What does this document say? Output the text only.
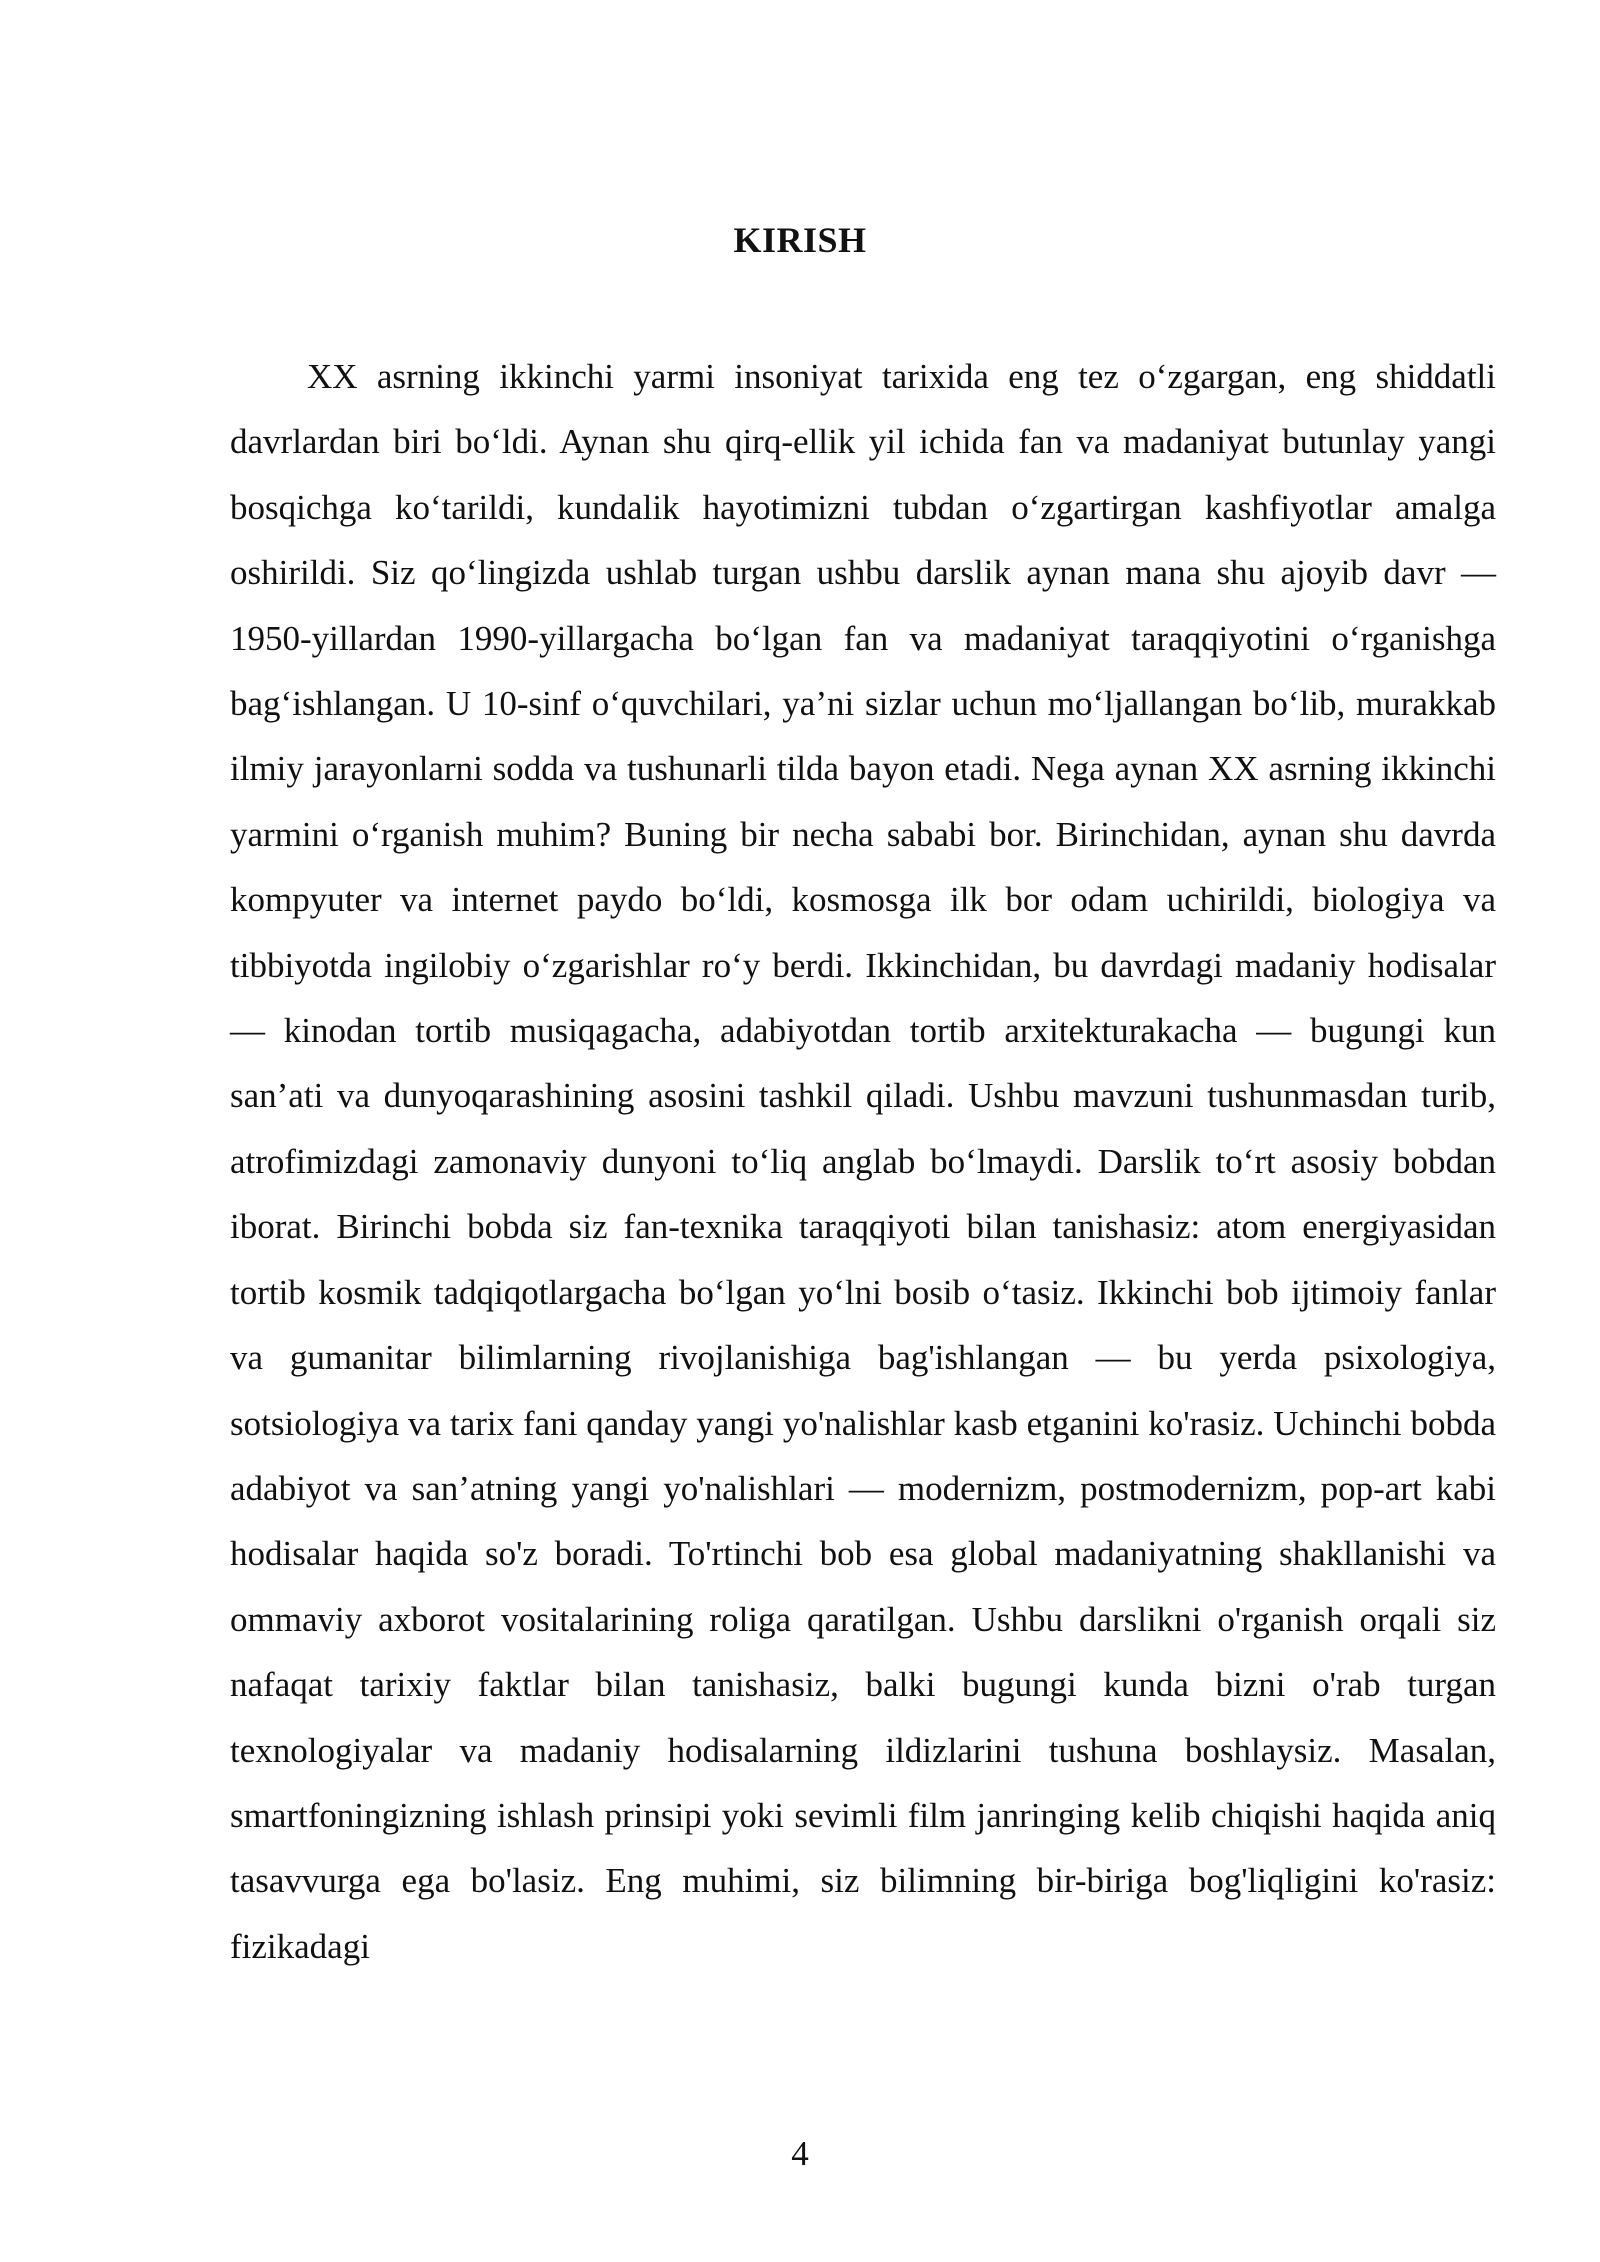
KIRISH

XX asrning ikkinchi yarmi insoniyat tarixida eng tez o‘zgargan, eng shiddatli davrlardan biri bo‘ldi. Aynan shu qirq-ellik yil ichida fan va madaniyat butunlay yangi bosqichga ko‘tarildi, kundalik hayotimizni tubdan o‘zgartirgan kashfiyotlar amalga oshirildi. Siz qo‘lingizda ushlab turgan ushbu darslik aynan mana shu ajoyib davr — 1950-yillardan 1990-yillargacha bo‘lgan fan va madaniyat taraqqiyotini o‘rganishga bag‘ishlangan. U 10-sinf o‘quvchilari, ya’ni sizlar uchun mo‘ljallangan bo‘lib, murakkab ilmiy jarayonlarni sodda va tushunarli tilda bayon etadi. Nega aynan XX asrning ikkinchi yarmini o‘rganish muhim? Buning bir necha sababi bor. Birinchidan, aynan shu davrda kompyuter va internet paydo bo‘ldi, kosmosga ilk bor odam uchirildi, biologiya va tibbiyotda ingilobiy o‘zgarishlar ro‘y berdi. Ikkinchidan, bu davrdagi madaniy hodisalar — kinodan tortib musiqagacha, adabiyotdan tortib arxitekturakacha — bugungi kun san’ati va dunyoqarashining asosini tashkil qiladi. Ushbu mavzuni tushunmasdan turib, atrofimizdagi zamonaviy dunyoni to‘liq anglab bo‘lmaydi. Darslik to‘rt asosiy bobdan iborat. Birinchi bobda siz fan-texnika taraqqiyoti bilan tanishasiz: atom energiyasidan tortib kosmik tadqiqotlargacha bo‘lgan yo‘lni bosib o‘tasiz. Ikkinchi bob ijtimoiy fanlar va gumanitar bilimlarning rivojlanishiga bag'ishlangan — bu yerda psixologiya, sotsiologiya va tarix fani qanday yangi yo'nalishlar kasb etganini ko'rasiz. Uchinchi bobda adabiyot va san’atning yangi yo'nalishlari — modernizm, postmodernizm, pop-art kabi hodisalar haqida so'z boradi. To'rtinchi bob esa global madaniyatning shakllanishi va ommaviy axborot vositalarining roliga qaratilgan. Ushbu darslikni o'rganish orqali siz nafaqat tarixiy faktlar bilan tanishasiz, balki bugungi kunda bizni o'rab turgan texnologiyalar va madaniy hodisalarning ildizlarini tushuna boshlaysiz. Masalan, smartfoningizning ishlash prinsipi yoki sevimli film janringing kelib chiqishi haqida aniq tasavvurga ega bo'lasiz. Eng muhimi, siz bilimning bir-biriga bog'liqligini ko'rasiz: fizikadagi

4
